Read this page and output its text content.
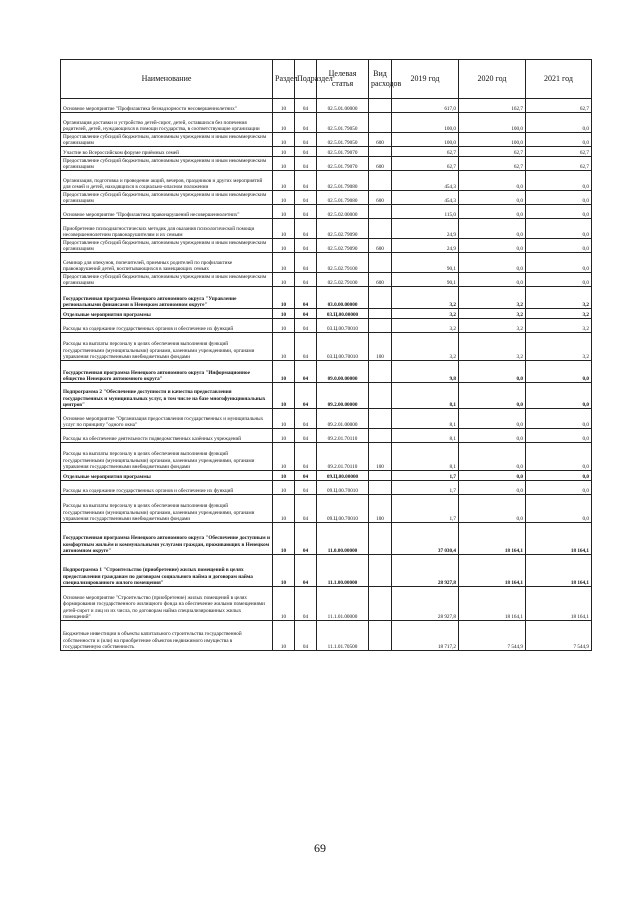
Наименование	Раздел	Подраздел	Целевая статья	Вид расходов	2019 год	2020 год	2021 год
Основное мероприятие "Профилактика безнадзорности несовершеннолетних"	10	04	02.5.01.00000		617,0	162,7	62,7
Организация доставки и устройство детей-сирот, детей, оставшихся без попечения родителей, детей, нуждающихся в помощи государства, в соответствующие организации	10	04	02.5.01.79050		100,0	100,0	0,0
Предоставление субсидий бюджетным, автономным учреждениям и иным некоммерческим организациям	10	04	02.5.01.79050	600	100,0	100,0	0,0
Участие во Всероссийском форуме приёмных семей	10	04	02.5.01.79070		62,7	62,7	62,7
Предоставление субсидий бюджетным, автономным учреждениям и иным некоммерческим организациям	10	04	02.5.01.79070	600	62,7	62,7	62,7
Организация, подготовка и проведение акций, вечеров, праздников и других мероприятий для семей и детей, находящихся в социально-опасном положении	10	04	02.5.01.79080		454,3	0,0	0,0
Предоставление субсидий бюджетным, автономным учреждениям и иным некоммерческим организациям	10	04	02.5.01.79080	600	454,3	0,0	0,0
Основное мероприятие "Профилактика правонарушений несовершеннолетних"	10	04	02.5.02.00000		115,0	0,0	0,0
Приобретение психодиагностических методик для оказания психологической помощи несовершеннолетним правонарушителям и их семьям	10	04	02.5.02.79090		24,9	0,0	0,0
Предоставление субсидий бюджетным, автономным учреждениям и иным некоммерческим организациям	10	04	02.5.02.79090	600	24,9	0,0	0,0
Семинар для опекунов, попечителей, приемных родителей по профилактике правонарушений детей, воспитывающихся в замещающих семьях	10	04	02.5.02.79100		90,1	0,0	0,0
Предоставление субсидий бюджетным, автономным учреждениям и иным некоммерческим организациям	10	04	02.5.02.79100	600	90,1	0,0	0,0
Государственная программа Ненецкого автономного округа "Управление региональными финансами в Ненецком автономном округе"	10	04	03.0.00.00000		3,2	3,2	3,2
Отдельные мероприятия программы	10	04	03.Ц.00.00000		3,2	3,2	3,2
Расходы на содержание государственных органов и обеспечение их функций	10	04	03.Ц.00.70010		3,2	3,2	3,2
Расходы на выплаты персоналу в целях обеспечения выполнения функций государственными (муниципальными) органами, казенными учреждениями, органами управления государственными внебюджетными фондами	10	04	03.Ц.00.70010	100	3,2	3,2	3,2
Государственная программа Ненецкого автономного округа "Информационное общество Ненецкого автономного округа"	10	04	09.0.00.00000		9,8	0,0	0,0
Подпрограмма 2 "Обеспечение доступности и качества предоставления государственных и муниципальных услуг, в том числе на базе многофункциональных центров"	10	04	09.2.00.00000		8,1	0,0	0,0
Основное мероприятие "Организация предоставления государственных и муниципальных услуг по принципу "одного окна"	10	04	09.2.01.00000		8,1	0,0	0,0
Расходы на обеспечение деятельности подведомственных казённых учреждений	10	04	09.2.01.70110		8,1	0,0	0,0
Расходы на выплаты персоналу в целях обеспечения выполнения функций государственными (муниципальными) органами, казенными учреждениями, органами управления государственными внебюджетными фондами	10	04	09.2.01.70110	100	8,1	0,0	0,0
Отдельные мероприятия программы	10	04	09.Ц.00.00000		1,7	0,0	0,0
Расходы на содержание государственных органов и обеспечение их функций	10	04	09.Ц.00.70010		1,7	0,0	0,0
Расходы на выплаты персоналу в целях обеспечения выполнения функций государственными (муниципальными) органами, казенными учреждениями, органами управления государственными внебюджетными фондами	10	04	09.Ц.00.70010	100	1,7	0,0	0,0
Государственная программа Ненецкого автономного округа "Обеспечение доступным и комфортным жильём и коммунальными услугами граждан, проживающих в Ненецком автономном округе"	10	04	11.0.00.00000		37 030,4	18 164,1	18 164,1
Подпрограмма 1 "Строительство (приобретение) жилых помещений в целях предоставления гражданам по договорам социального найма и договорам найма специализированного жилого помещения"	10	04	11.1.00.00000		28 927,8	18 164,1	18 164,1
Основное мероприятие "Строительство (приобретение) жилых помещений в целях формирования государственного жилищного фонда на обеспечение жилыми помещениями детей-сирот и лиц из их числа, по договорам найма специализированных жилых помещений"	10	04	11.1.01.00000		28 927,8	18 164,1	18 164,1
Бюджетные инвестиции в объекты капитального строительства государственной собственности и (или) на приобретение объектов недвижимого имущества в государственную собственность	10	04	11.1.01.70500		18 717,2	7 544,9	7 544,9
69
